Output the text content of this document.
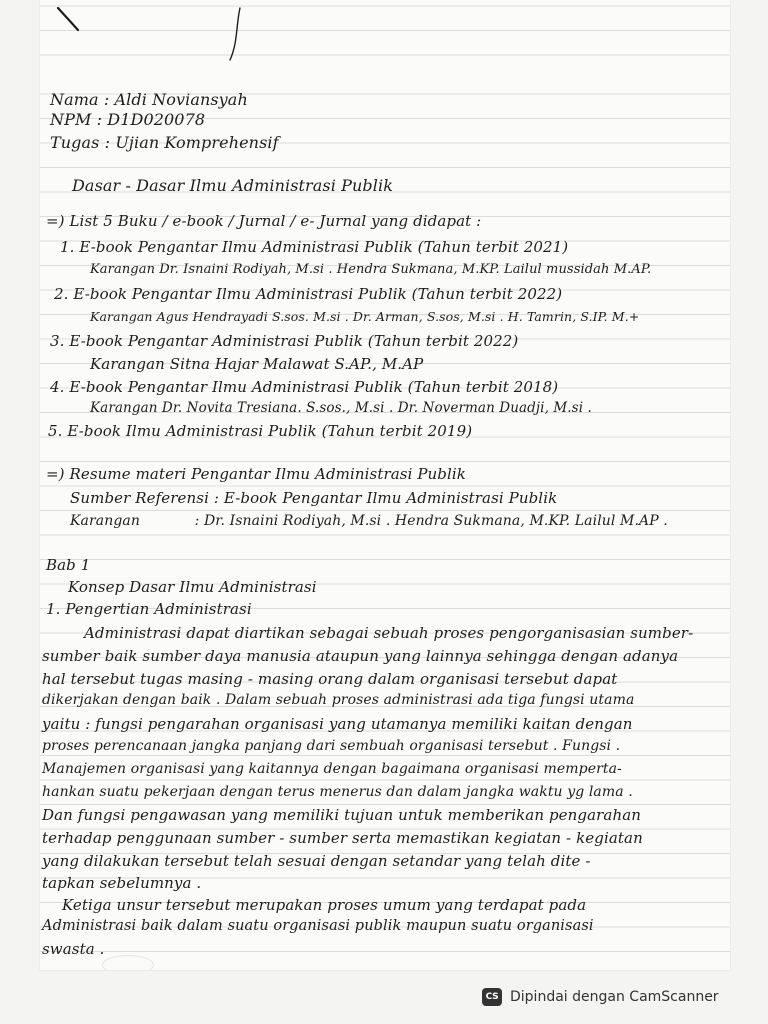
Nama : Aldi Noviansyah
NPM : D1D020078
Tugas : Ujian Komprehensif
Dasar - Dasar Ilmu Administrasi Publik
=) List 5 Buku / e-book / Jurnal / e- Jurnal yang didapat :
1. E-book Pengantar Ilmu Administrasi Publik (Tahun terbit 2021)
Karangan Dr. Isnaini Rodiyah, M.si . Hendra Sukmana, M.KP. Lailul mussidah M.AP.
2. E-book Pengantar Ilmu Administrasi Publik (Tahun terbit 2022)
Karangan Agus Hendrayadi S.sos. M.si . Dr. Arman, S.sos, M.si . H. Tamrin, S.IP. M.+
3. E-book Pengantar Administrasi Publik (Tahun terbit 2022)
Karangan Sitna Hajar Malawat S.AP., M.AP
4. E-book Pengantar Ilmu Administrasi Publik (Tahun terbit 2018)
Karangan Dr. Novita Tresiana. S.sos., M.si . Dr. Noverman Duadji, M.si .
5. E-book Ilmu Administrasi Publik (Tahun terbit 2019)
=) Resume materi Pengantar Ilmu Administrasi Publik
Sumber Referensi : E-book Pengantar Ilmu Administrasi Publik
Karangan            : Dr. Isnaini Rodiyah, M.si . Hendra Sukmana, M.KP. Lailul M.AP .
Bab 1
Konsep Dasar Ilmu Administrasi
1. Pengertian Administrasi
Administrasi dapat diartikan sebagai sebuah proses pengorganisasian sumber-
sumber baik sumber daya manusia ataupun yang lainnya sehingga dengan adanya
hal tersebut tugas masing - masing orang dalam organisasi tersebut dapat
dikerjakan dengan baik . Dalam sebuah proses administrasi ada tiga fungsi utama
yaitu : fungsi pengarahan organisasi yang utamanya memiliki kaitan dengan
proses perencanaan jangka panjang dari sembuah organisasi tersebut . Fungsi .
Manajemen organisasi yang kaitannya dengan bagaimana organisasi memperta-
hankan suatu pekerjaan dengan terus menerus dan dalam jangka waktu yg lama .
Dan fungsi pengawasan yang memiliki tujuan untuk memberikan pengarahan
terhadap penggunaan sumber - sumber serta memastikan kegiatan - kegiatan
yang dilakukan tersebut telah sesuai dengan setandar yang telah dite -
tapkan sebelumnya .
Ketiga unsur tersebut merupakan proses umum yang terdapat pada
Administrasi baik dalam suatu organisasi publik maupun suatu organisasi
swasta .
CS Dipindai dengan CamScanner
